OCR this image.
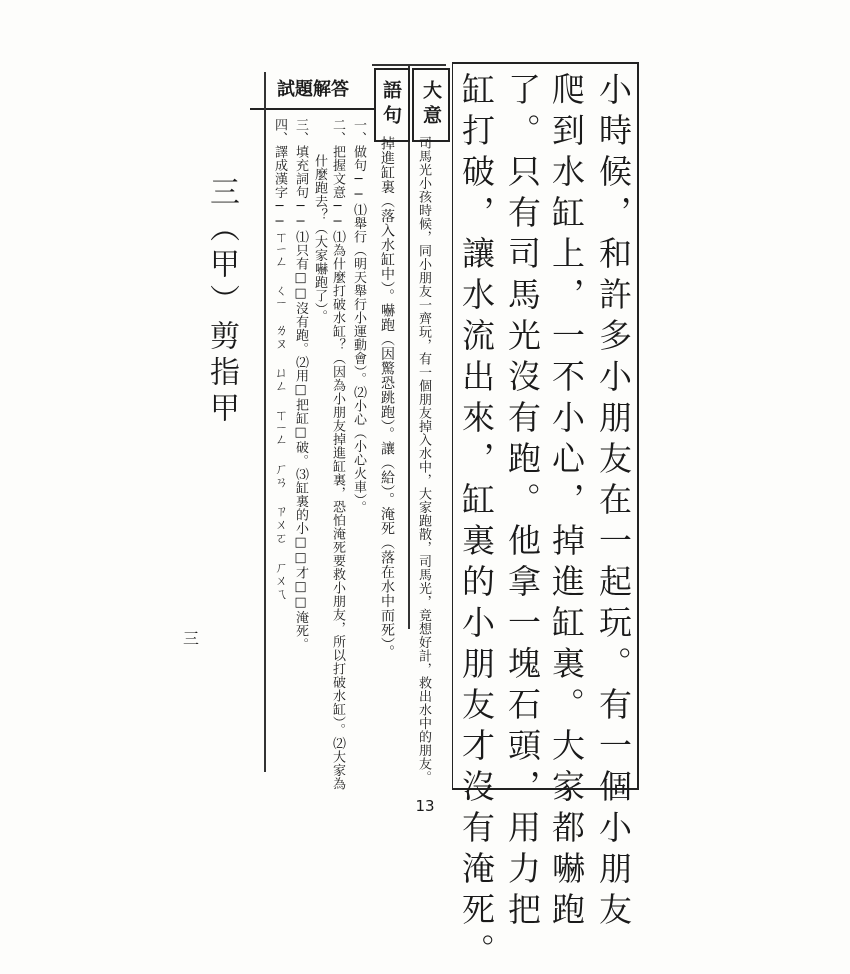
小時候，和許多小朋友在一起玩。有一個小朋友

爬到水缸上，一不小心，掉進缸裏。大家都嚇跑

了。只有司馬光沒有跑。他拿一塊石頭，用力把

缸打破，讓水流出來，缸裏的小朋友才沒有淹死。

大意

司馬光小孩時候，同小朋友一齊玩，有一個朋友掉入水中，大家跑散，司馬光，竟想好計，救出水中的朋友。

語句

掉進缸裏（落入水缸中）。嚇跑（因驚恐跳跑）。讓（給）。淹死（落在水中而死）。

試題解答

一、做句──⑴舉行（明天舉行小運動會）。⑵小心（小心火車）。

二、把握文意──⑴為什麼打破水缸？（因為小朋友掉進缸裏，恐怕淹死要救小朋友，所以打破水缸）。⑵大家為

什麼跑去？（大家嚇跑了）。

三、填充詞句──⑴只有□□沒有跑。⑵用□把缸□破。⑶缸裏的小□□才□□淹死。

四、譯成漢字──ㄒㄧㄥ ㄑㄧ ㄌㄡ ㄩㄥ ㄒㄧㄥ ㄏㄢ ㄗㄨㄛ ㄏㄨㄟ

三（甲）剪指甲

三
13
